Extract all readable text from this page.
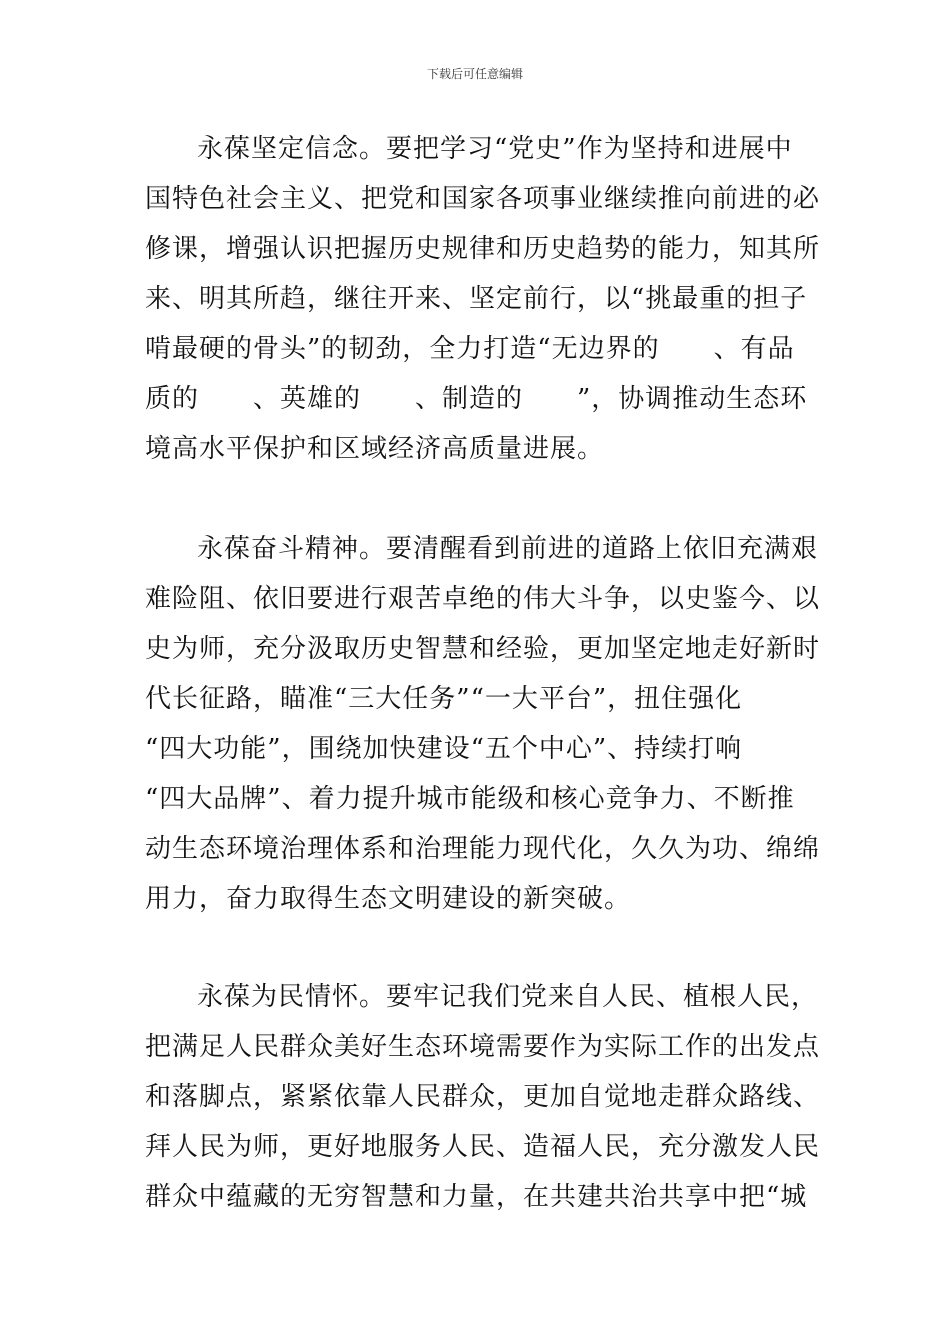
下载后可任意编辑
永葆坚定信念。要把学习“党史”作为坚持和进展中
国特色社会主义、把党和国家各项事业继续推向前进的必
修课，增强认识把握历史规律和历史趋势的能力，知其所
来、明其所趋，继往开来、坚定前行，以“挑最重的担子
啃最硬的骨头”的韧劲，全力打造“无边界的　　、有品
质的　　、英雄的　　、制造的　　”，协调推动生态环
境高水平保护和区域经济高质量进展。
永葆奋斗精神。要清醒看到前进的道路上依旧充满艰
难险阻、依旧要进行艰苦卓绝的伟大斗争，以史鉴今、以
史为师，充分汲取历史智慧和经验，更加坚定地走好新时
代长征路，瞄准“三大任务”“一大平台”，扭住强化
“四大功能”，围绕加快建设“五个中心”、持续打响
“四大品牌”、着力提升城市能级和核心竞争力、不断推
动生态环境治理体系和治理能力现代化，久久为功、绵绵
用力，奋力取得生态文明建设的新突破。
永葆为民情怀。要牢记我们党来自人民、植根人民，
把满足人民群众美好生态环境需要作为实际工作的出发点
和落脚点，紧紧依靠人民群众，更加自觉地走群众路线、
拜人民为师，更好地服务人民、造福人民，充分激发人民
群众中蕴藏的无穷智慧和力量，在共建共治共享中把“城
